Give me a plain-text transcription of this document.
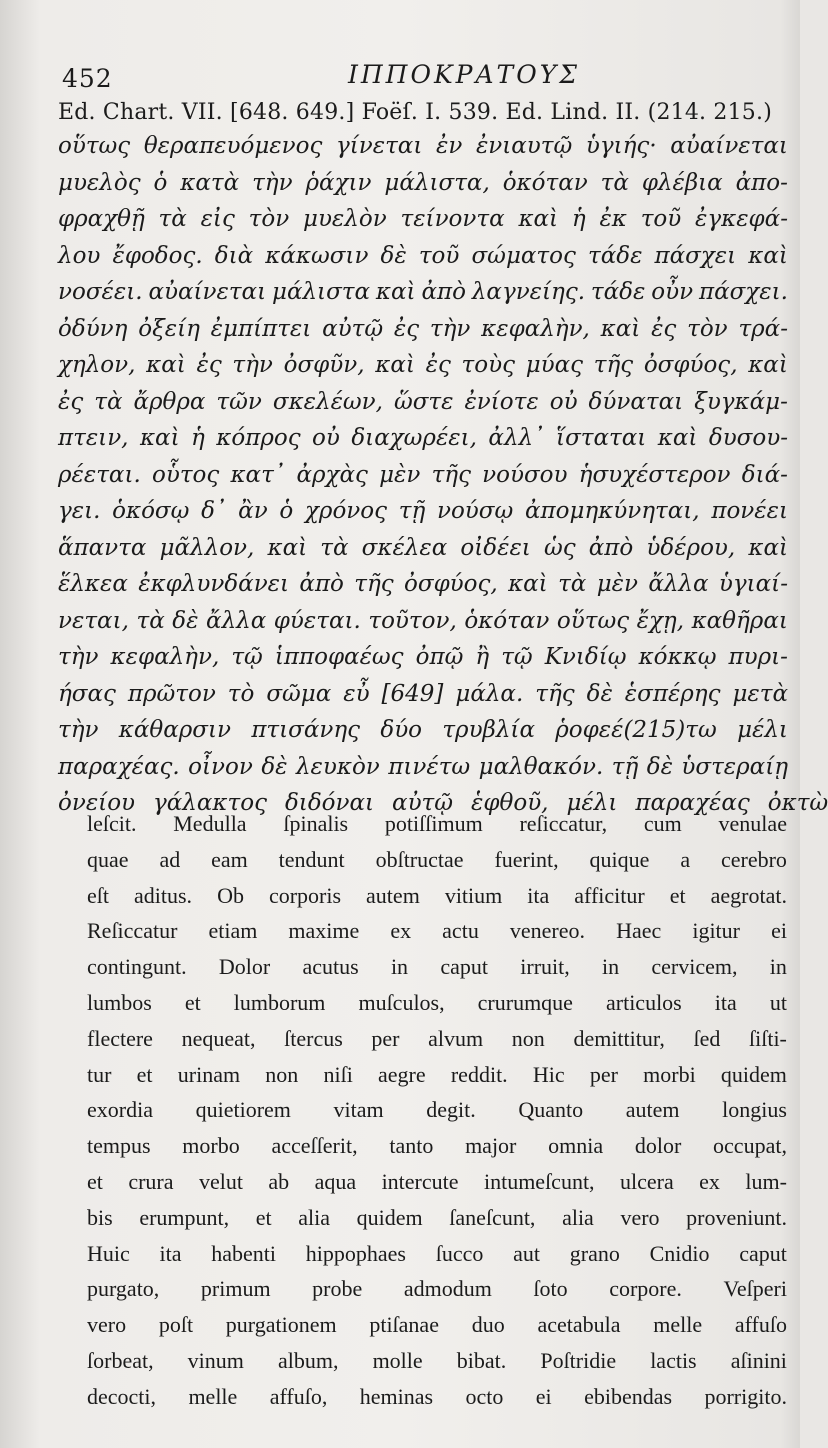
452	ΙΠΠΟΚΡΑΤΟΥΣ
Ed. Chart. VII. [648. 649.] Foëſ. I. 539. Ed. Lind. II. (214. 215.)
οὕτως θεραπευόμενος γίνεται ἐν ἐνιαυτῷ ὑγιής· αὐαίνεται
μυελὸς ὁ κατὰ τὴν ῥάχιν μάλιστα, ὁκόταν τὰ φλέβια ἀπο-
φραχθῇ τὰ εἰς τὸν μυελὸν τείνοντα καὶ ἡ ἐκ τοῦ ἐγκεφά-
λου ἔφοδος. διὰ κάκωσιν δὲ τοῦ σώματος τάδε πάσχει καὶ
νοσέει. αὐαίνεται μάλιστα καὶ ἀπὸ λαγνείης. τάδε οὖν πάσχει.
ὀδύνη ὀξείη ἐμπίπτει αὐτῷ ἐς τὴν κεφαλὴν, καὶ ἐς τὸν τρά-
χηλον, καὶ ἐς τὴν ὀσφῦν, καὶ ἐς τοὺς μύας τῆς ὀσφύος, καὶ
ἐς τὰ ἄρθρα τῶν σκελέων, ὥστε ἐνίοτε οὐ δύναται ξυγκάμ-
πτειν, καὶ ἡ κόπρος οὐ διαχωρέει, ἀλλ᾽ ἵσταται καὶ δυσου-
ρέεται. οὗτος κατ᾽ ἀρχὰς μὲν τῆς νούσου ἡσυχέστερον διά-
γει. ὁκόσῳ δ᾽ ἂν ὁ χρόνος τῇ νούσῳ ἀπομηκύνηται, πονέει
ἅπαντα μᾶλλον, καὶ τὰ σκέλεα οἰδέει ὡς ἀπὸ ὑδέρου, καὶ
ἕλκεα ἐκφλυνδάνει ἀπὸ τῆς ὀσφύος, καὶ τὰ μὲν ἄλλα ὑγιαί-
νεται, τὰ δὲ ἄλλα φύεται. τοῦτον, ὁκόταν οὕτως ἔχῃ, καθῆραι
τὴν κεφαλὴν, τῷ ἱπποφαέως ὀπῷ ἢ τῷ Κνιδίῳ κόκκῳ πυρι-
ήσας πρῶτον τὸ σῶμα εὖ [649] μάλα. τῆς δὲ ἑσπέρης μετὰ
τὴν κάθαρσιν πτισάνης δύο τρυβλία ῥοφεέ(215)τω μέλι
παραχέας. οἶνον δὲ λευκὸν πινέτω μαλθακόν. τῇ δὲ ὑστεραίῃ
ὀνείου γάλακτος διδόναι αὐτῷ ἑφθοῦ, μέλι παραχέας ὀκτὼ
leſcit. Medulla ſpinalis potiſſimum reſiccatur, cum venulae
quae ad eam tendunt obſtructae fuerint, quique a cerebro
eſt aditus. Ob corporis autem vitium ita afficitur et aegrotat.
Reſiccatur etiam maxime ex actu venereo. Haec igitur ei
contingunt. Dolor acutus in caput irruit, in cervicem, in
lumbos et lumborum muſculos, crurumque articulos ita ut
flectere nequeat, ſtercus per alvum non demittitur, ſed ſiſti-
tur et urinam non niſi aegre reddit. Hic per morbi quidem
exordia quietiorem vitam degit. Quanto autem longius
tempus morbo acceſſerit, tanto major omnia dolor occupat,
et crura velut ab aqua intercute intumeſcunt, ulcera ex lum-
bis erumpunt, et alia quidem ſaneſcunt, alia vero proveniunt.
Huic ita habenti hippophaes ſucco aut grano Cnidio caput
purgato, primum probe admodum ſoto corpore. Veſperi
vero poſt purgationem ptiſanae duo acetabula melle affuſo
ſorbeat, vinum album, molle bibat. Poſtridie lactis aſinini
decocti, melle affuſo, heminas octo ei ebibendas porrigito.
